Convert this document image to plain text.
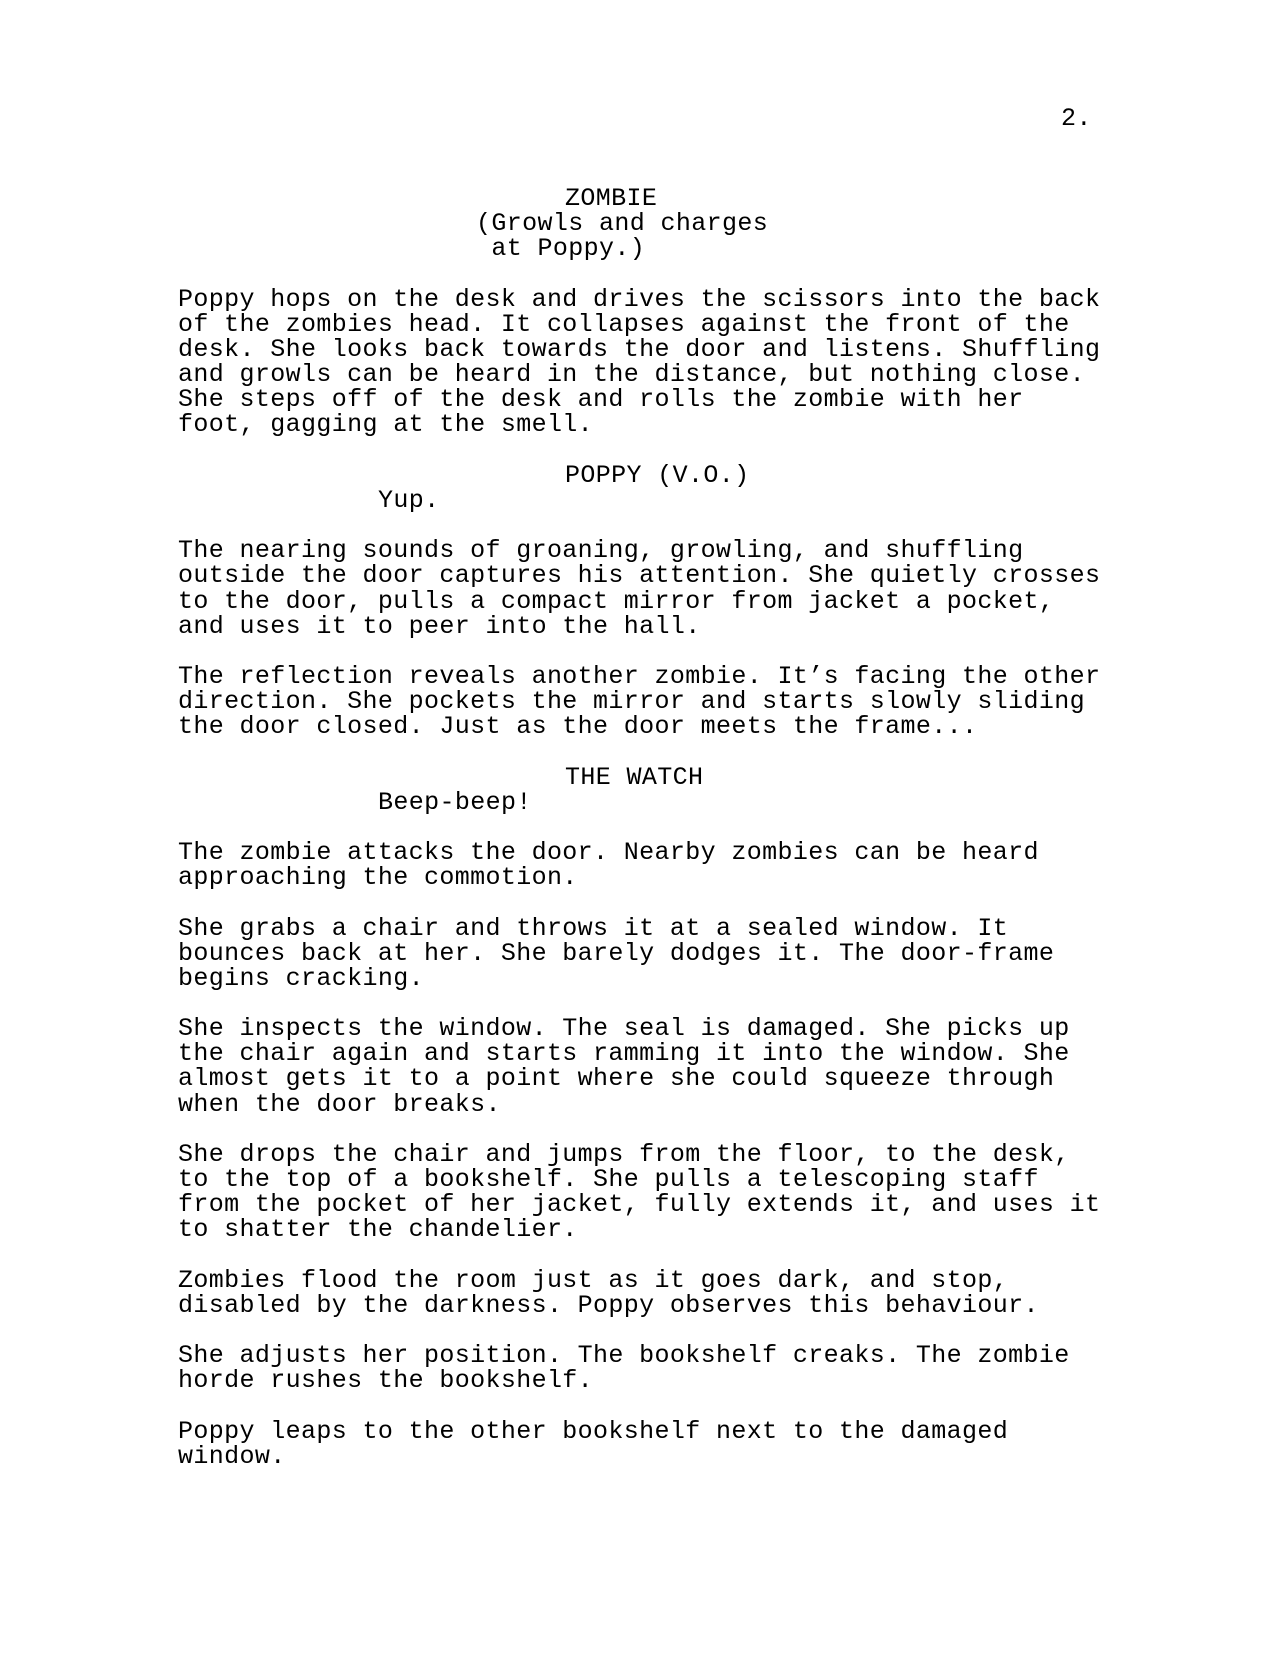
2.
ZOMBIE
(Growls and charges
at Poppy.)
Poppy hops on the desk and drives the scissors into the back
of the zombies head. It collapses against the front of the
desk. She looks back towards the door and listens. Shuffling
and growls can be heard in the distance, but nothing close.
She steps off of the desk and rolls the zombie with her
foot, gagging at the smell.
POPPY (V.O.)
Yup.
The nearing sounds of groaning, growling, and shuffling
outside the door captures his attention. She quietly crosses
to the door, pulls a compact mirror from jacket a pocket,
and uses it to peer into the hall.
The reflection reveals another zombie. It’s facing the other
direction. She pockets the mirror and starts slowly sliding
the door closed. Just as the door meets the frame...
THE WATCH
Beep-beep!
The zombie attacks the door. Nearby zombies can be heard
approaching the commotion.
She grabs a chair and throws it at a sealed window. It
bounces back at her. She barely dodges it. The door-frame
begins cracking.
She inspects the window. The seal is damaged. She picks up
the chair again and starts ramming it into the window. She
almost gets it to a point where she could squeeze through
when the door breaks.
She drops the chair and jumps from the floor, to the desk,
to the top of a bookshelf. She pulls a telescoping staff
from the pocket of her jacket, fully extends it, and uses it
to shatter the chandelier.
Zombies flood the room just as it goes dark, and stop,
disabled by the darkness. Poppy observes this behaviour.
She adjusts her position. The bookshelf creaks. The zombie
horde rushes the bookshelf.
Poppy leaps to the other bookshelf next to the damaged
window.
